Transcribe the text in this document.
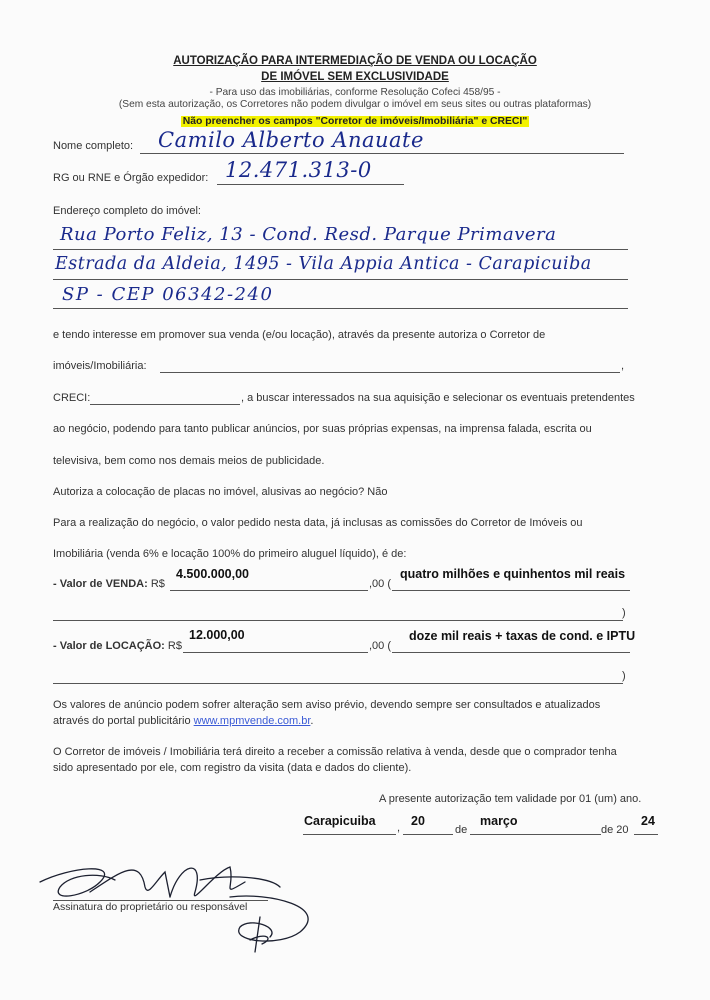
AUTORIZAÇÃO PARA INTERMEDIAÇÃO DE VENDA OU LOCAÇÃO
DE IMÓVEL SEM EXCLUSIVIDADE
- Para uso das imobiliárias, conforme Resolução Cofeci 458/95 -
(Sem esta autorização, os Corretores não podem divulgar o imóvel em seus sites ou outras plataformas)
Não preencher os campos "Corretor de imóveis/Imobiliária" e CRECI"
Nome completo: Camilo Alberto Anauate
RG ou RNE e Órgão expedidor: 12.471.313-0
Endereço completo do imóvel:
Rua Porto Feliz, 13 - Cond. Resd. Parque Primavera
Estrada da Aldeia, 1495 - Vila Appia Antica - Carapicuiba
SP - CEP 06342-240
e tendo interesse em promover sua venda (e/ou locação), através da presente autoriza o Corretor de
imóveis/Imobiliária:	,
CRECI:	, a buscar interessados na sua aquisição e selecionar os eventuais pretendentes
ao negócio, podendo para tanto publicar anúncios, por suas próprias expensas, na imprensa falada, escrita ou
televisiva, bem como nos demais meios de publicidade.
Autoriza a colocação de placas no imóvel, alusivas ao negócio? Não
Para a realização do negócio, o valor pedido nesta data, já inclusas as comissões do Corretor de Imóveis ou
Imobiliária (venda 6% e locação 100% do primeiro aluguel líquido), é de:
- Valor de VENDA: R$
4.500.000,00
,00 (
quatro milhões e quinhentos mil reais
)
- Valor de LOCAÇÃO: R$
12.000,00
,00 (
doze mil reais + taxas de cond. e IPTU
)
Os valores de anúncio podem sofrer alteração sem aviso prévio, devendo sempre ser consultados e atualizados
através do portal publicitário www.mpmvende.com.br.
O Corretor de imóveis / Imobiliária terá direito a receber a comissão relativa à venda, desde que o comprador tenha
sido apresentado por ele, com registro da visita (data e dados do cliente).
A presente autorização tem validade por 01 (um) ano.
Carapicuiba , 20
de
março
de 20
24
Assinatura do proprietário ou responsável
